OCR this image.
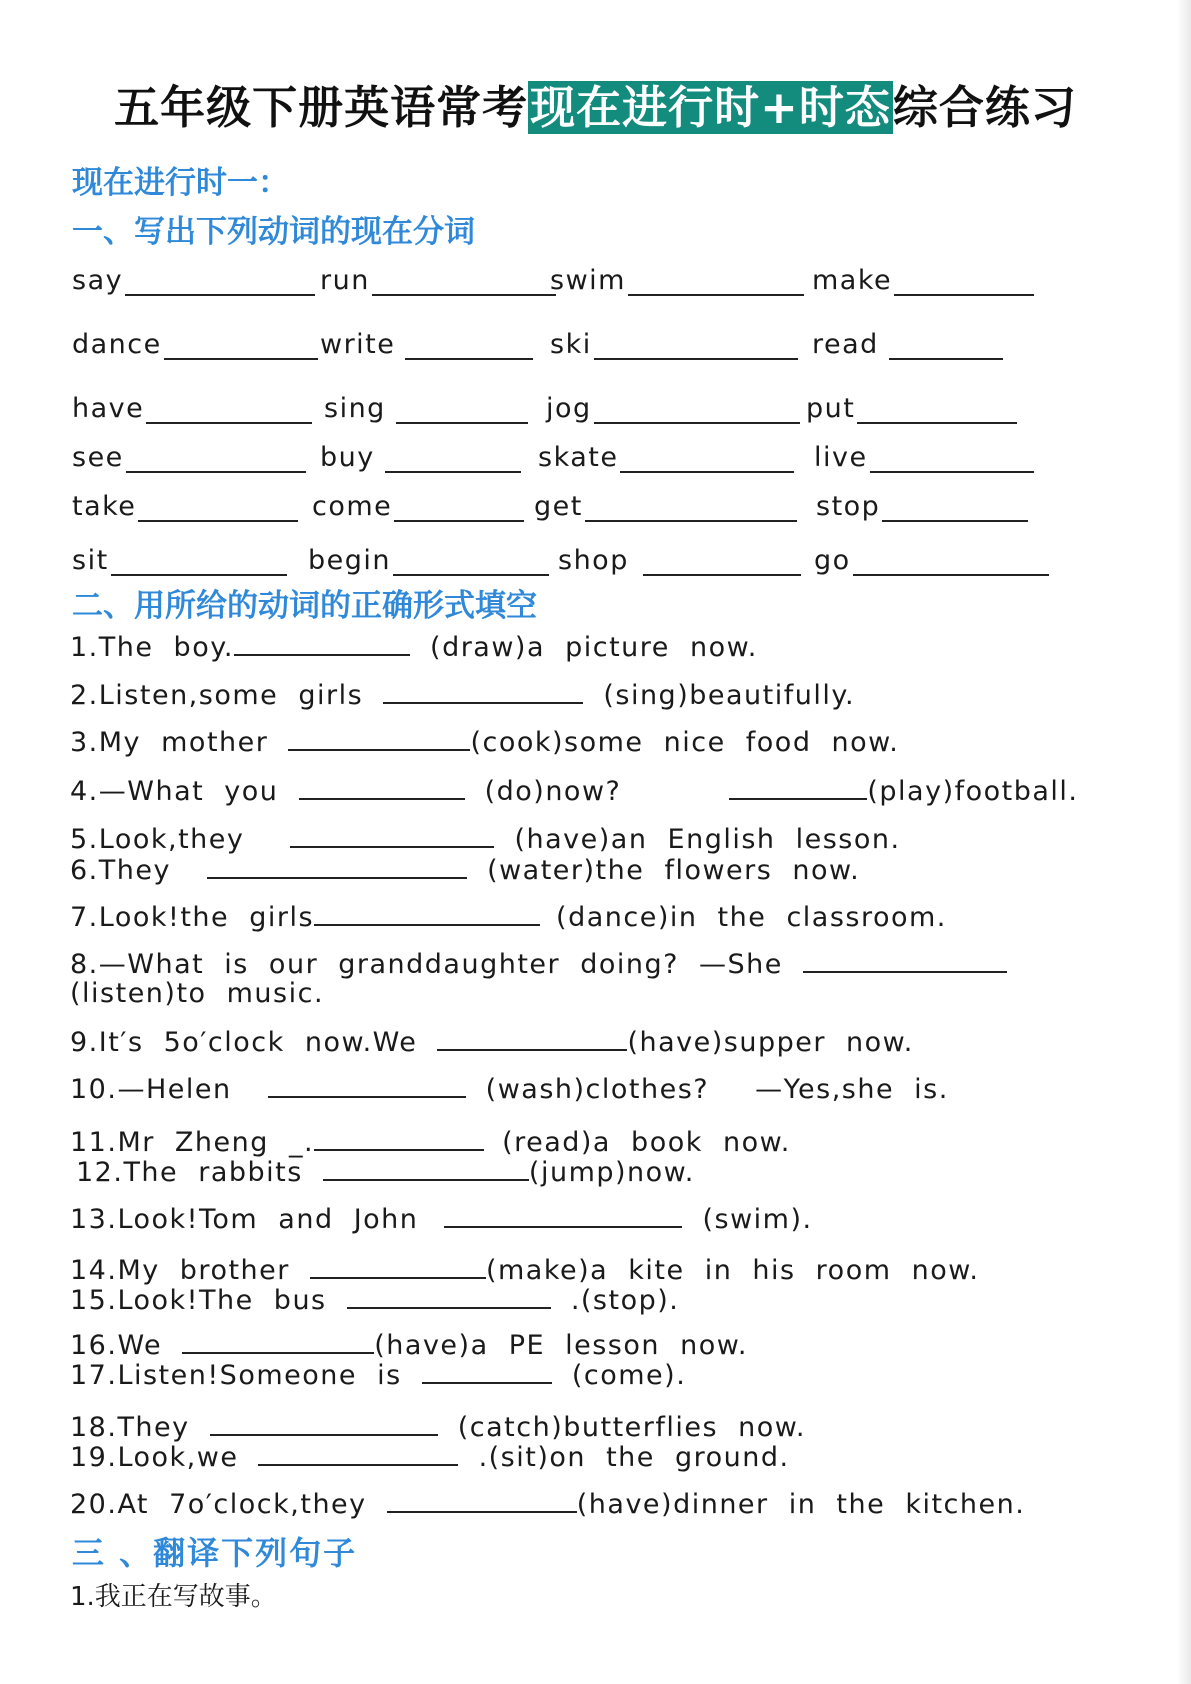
五年级下册英语常考现在进行时+时态综合练习
现在进行时一：
一、写出下列动词的现在分词
say	run	swim	make
dance	write	ski	read
have	sing	jog	put
see	buy	skate	live
take	come	get	stop
sit	begin	shop	go
二、用所给的动词的正确形式填空
1.The boy.	(draw)a picture now.
2.Listen,some girls	(sing)beautifully.
3.My mother	(cook)some nice food now.
4.—What you	(do)now?	(play)football.
5.Look,they	(have)an English lesson.
6.They	(water)the flowers now.
7.Look!the girls	(dance)in the classroom.
8.—What is our granddaughter doing? —She
(listen)to music.
9.It′s 5o′clock now.We	(have)supper now.
10.—Helen	(wash)clothes? —Yes,she is.
11.Mr Zheng _.	(read)a book now.
12.The rabbits	(jump)now.
13.Look!Tom and John	(swim).
14.My brother	(make)a kite in his room now.
15.Look!The bus	.(stop).
16.We	(have)a PE lesson now.
17.Listen!Someone is	(come).
18.They	(catch)butterflies now.
19.Look,we	.(sit)on the ground.
20.At 7o′clock,they	(have)dinner in the kitchen.
三 、翻译下列句子
1.我正在写故事。
